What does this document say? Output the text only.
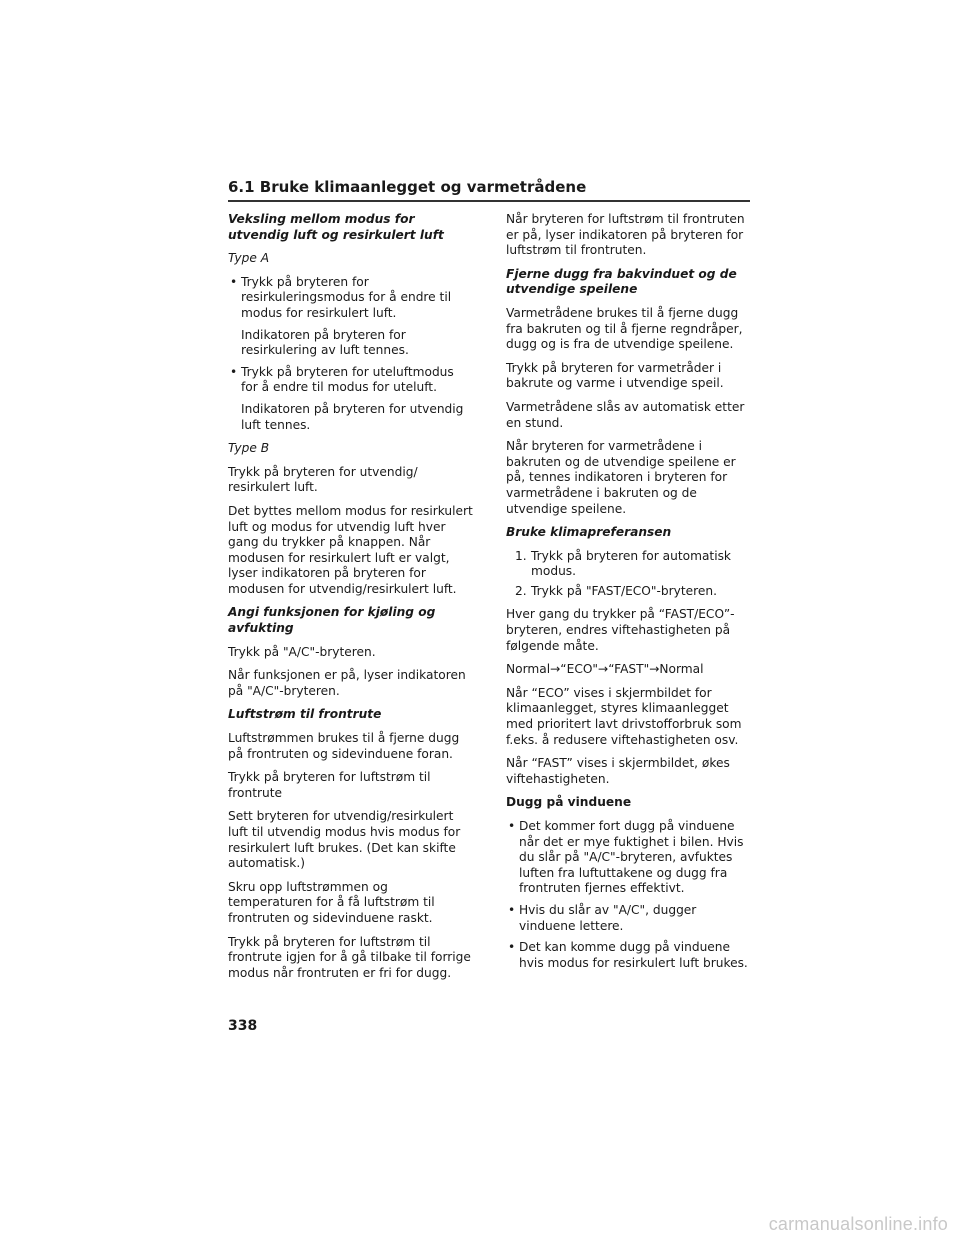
6.1 Bruke klimaanlegget og varmetrådene

Veksling mellom modus for utvendig luft og resirkulert luft

Type A

• Trykk på bryteren for resirkuleringsmodus for å endre til modus for resirkulert luft.
Indikatoren på bryteren for resirkulering av luft tennes.
• Trykk på bryteren for uteluftmodus for å endre til modus for uteluft.
Indikatoren på bryteren for utvendig luft tennes.

Type B

Trykk på bryteren for utvendig/ resirkulert luft.

Det byttes mellom modus for resirkulert luft og modus for utvendig luft hver gang du trykker på knappen. Når modusen for resirkulert luft er valgt, lyser indikatoren på bryteren for modusen for utvendig/resirkulert luft.

Angi funksjonen for kjøling og avfukting

Trykk på "A/C"-bryteren.

Når funksjonen er på, lyser indikatoren på "A/C"-bryteren.

Luftstrøm til frontrute

Luftstrømmen brukes til å fjerne dugg på frontruten og sidevinduene foran.

Trykk på bryteren for luftstrøm til frontrute

Sett bryteren for utvendig/resirkulert luft til utvendig modus hvis modus for resirkulert luft brukes. (Det kan skifte automatisk.)

Skru opp luftstrømmen og temperaturen for å få luftstrøm til frontruten og sidevinduene raskt.

Trykk på bryteren for luftstrøm til frontrute igjen for å gå tilbake til forrige modus når frontruten er fri for dugg.

Når bryteren for luftstrøm til frontruten er på, lyser indikatoren på bryteren for luftstrøm til frontruten.

Fjerne dugg fra bakvinduet og de utvendige speilene

Varmetrådene brukes til å fjerne dugg fra bakruten og til å fjerne regndråper, dugg og is fra de utvendige speilene.

Trykk på bryteren for varmetråder i bakrute og varme i utvendige speil.

Varmetrådene slås av automatisk etter en stund.

Når bryteren for varmetrådene i bakruten og de utvendige speilene er på, tennes indikatoren i bryteren for varmetrådene i bakruten og de utvendige speilene.

Bruke klimapreferansen

1. Trykk på bryteren for automatisk modus.
2. Trykk på "FAST/ECO"-bryteren.

Hver gang du trykker på “FAST/ECO”-bryteren, endres viftehastigheten på følgende måte.

Normal→“ECO"→“FAST"→Normal

Når “ECO” vises i skjermbildet for klimaanlegget, styres klimaanlegget med prioritert lavt drivstofforbruk som f.eks. å redusere viftehastigheten osv.

Når “FAST” vises i skjermbildet, økes viftehastigheten.

Dugg på vinduene

• Det kommer fort dugg på vinduene når det er mye fuktighet i bilen. Hvis du slår på "A/C"-bryteren, avfuktes luften fra luftuttakene og dugg fra frontruten fjernes effektivt.
• Hvis du slår av "A/C", dugger vinduene lettere.
• Det kan komme dugg på vinduene hvis modus for resirkulert luft brukes.
338
carmanualsonline.info
